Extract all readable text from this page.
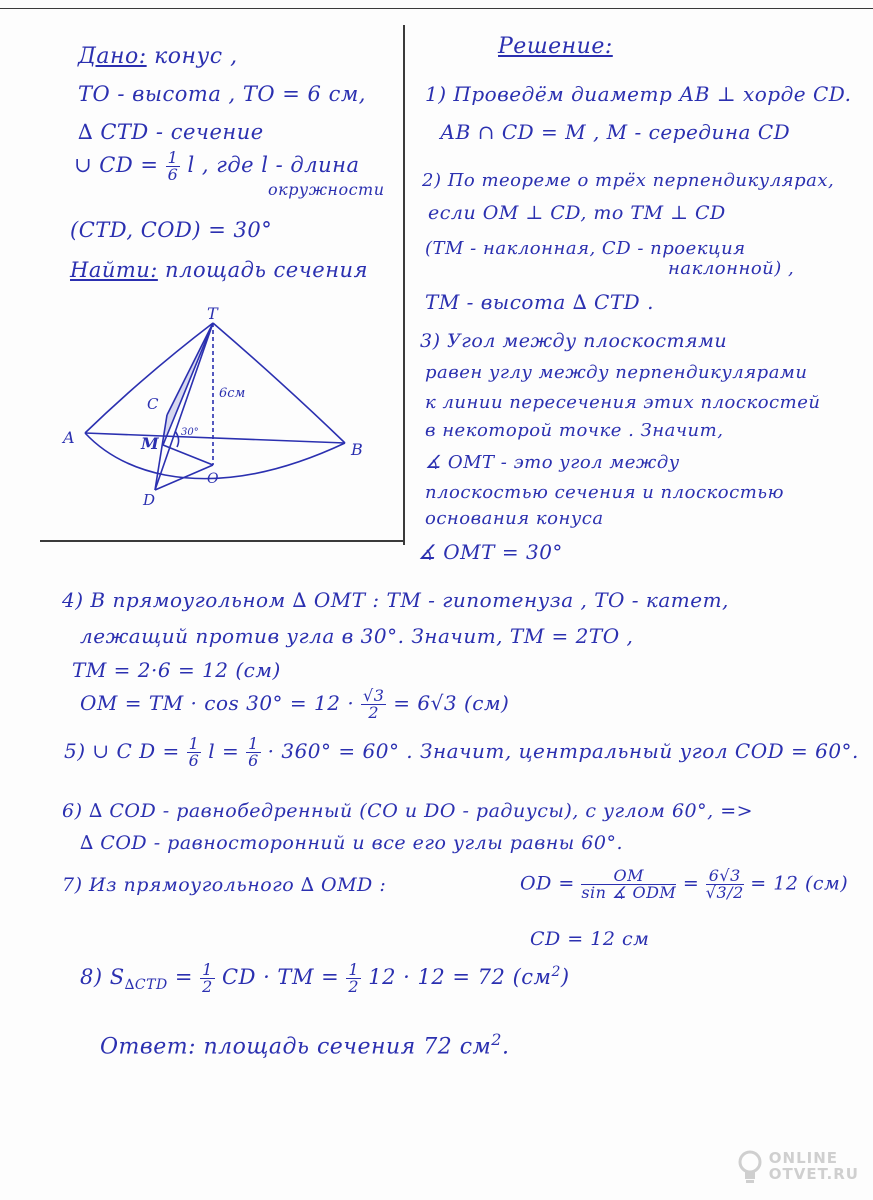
Дано: конус ,
ТО - высота , ТО = 6 см,
∆ СТD - сечение
∪ СD = $\frac{1}{6}$ l , где l - длина
окружности
(СТD, СОD) = 30°
Найти: площадь сечения
T
A
B
C
D
M
O
6см
30°
Решение:
1) Проведём диаметр АВ ⊥ хорде СD.
АВ ∩ СD = М , М - середина СD
2) По теореме о трёх перпендикулярах,
если ОМ ⊥ СD, то ТМ ⊥ СD
(ТМ - наклонная, СD - проекция
наклонной) ,
ТМ - высота ∆ СТD .
3) Угол между плоскостями
равен углу между перпендикулярами
к линии пересечения этих плоскостей
в некоторой точке . Значит,
∡ ОМТ - это угол между
плоскостью сечения и плоскостью
основания конуса
∡ ОМТ = 30°
4) В прямоугольном ∆ ОМТ : ТМ - гипотенуза , ТО - катет,
лежащий против угла в 30°. Значит, ТМ = 2ТО ,
ТМ = 2·6 = 12 (см)
ОМ = ТМ · $\cos 30^\circ = 12 \cdot \frac{√3}{2} = 6√3$ (см)
5) ∪ С $D = \frac{1}{6}$ $l = \frac{1}{6} \cdot 360^\circ = 60^\circ$ . Значит, центральный угол СОD = 60°.
6) ∆ СОD - равнобедренный (СО и DО - радиусы), с углом 60°, =>
∆ СОD - равносторонний и все его углы равны 60°.
7) Из прямоугольного ∆ ОМD :	ОD = $\frac{ОМ}{\text{sin ∡ ОDМ}} = \frac{6√3}{√3/2} = 12$ (см)
СD = 12 см
8) $S_{\Delta СТD} = \frac{1}{2}$ СD · ТМ = $\frac{1}{2} 12 \cdot 12 = 72$ $(см^2)$
Ответ: площадь сечения 72 $см^2$.
ONLINE
OTVET.RU
